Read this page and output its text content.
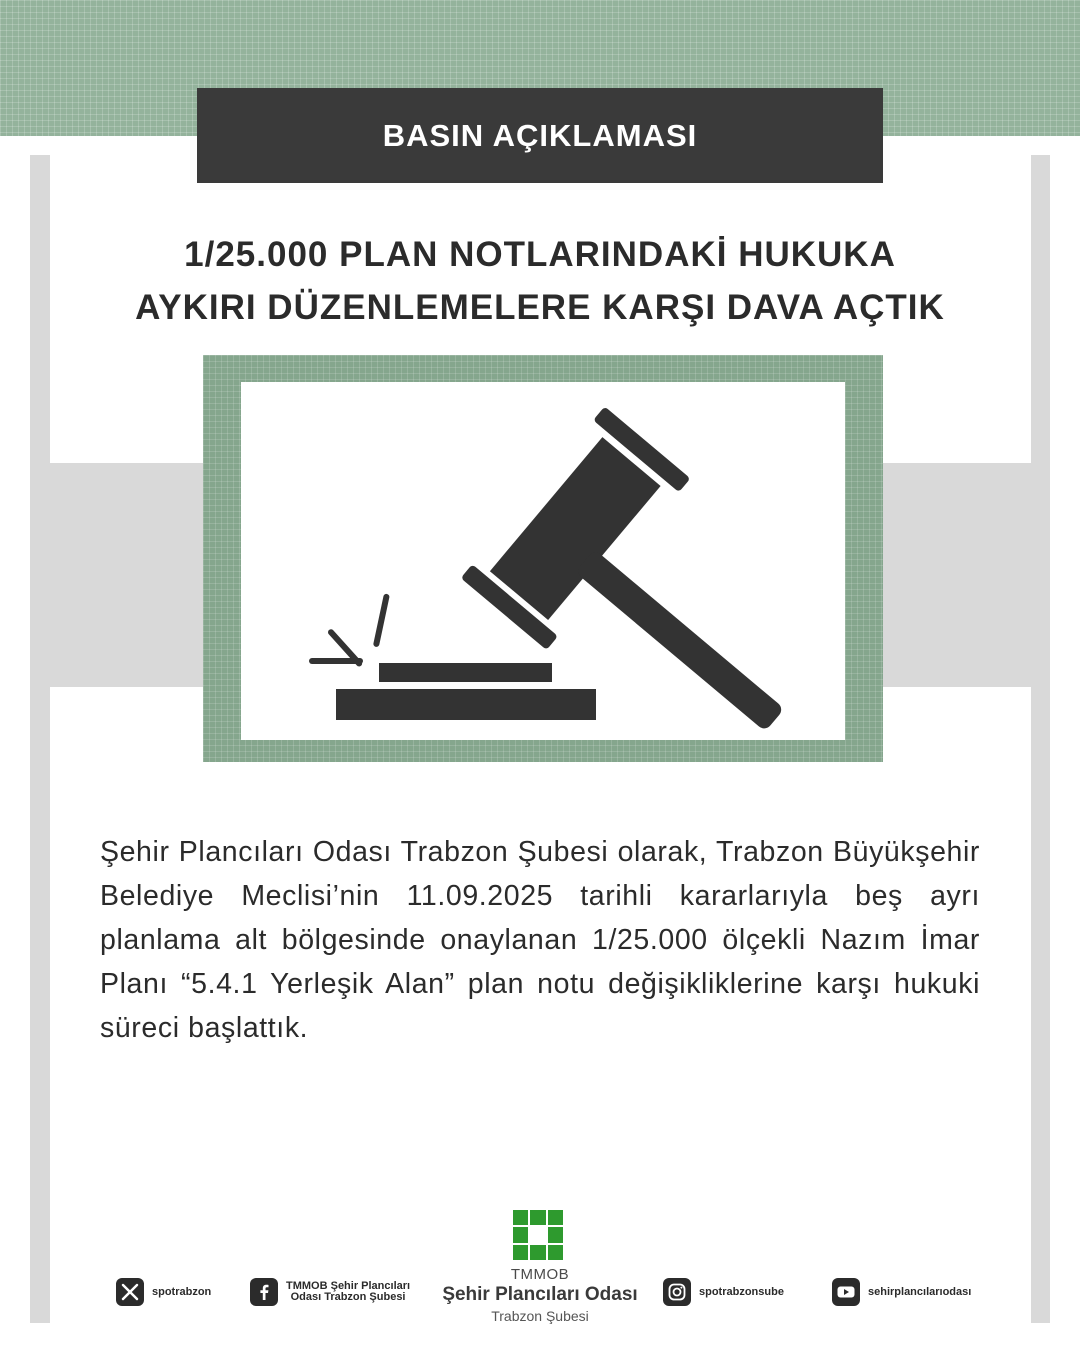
BASIN AÇIKLAMASI
1/25.000 PLAN NOTLARINDAKİ HUKUKA
AYKIRI DÜZENLEMELERE KARŞI DAVA AÇTIK
Şehir Plancıları Odası Trabzon Şubesi olarak, Trabzon Büyükşehir Belediye Meclisi’nin 11.09.2025 tarihli kararlarıyla beş ayrı planlama alt bölgesinde onaylanan 1/25.000 ölçekli Nazım İmar Planı “5.4.1 Yerleşik Alan” plan notu değişikliklerine karşı hukuki süreci başlattık.
spotrabzon	TMMOB Şehir Plancıları
Odası Trabzon Şubesi
TMMOB
Şehir Plancıları Odası
Trabzon Şubesi
spotrabzonsube	sehirplancılarıodası
